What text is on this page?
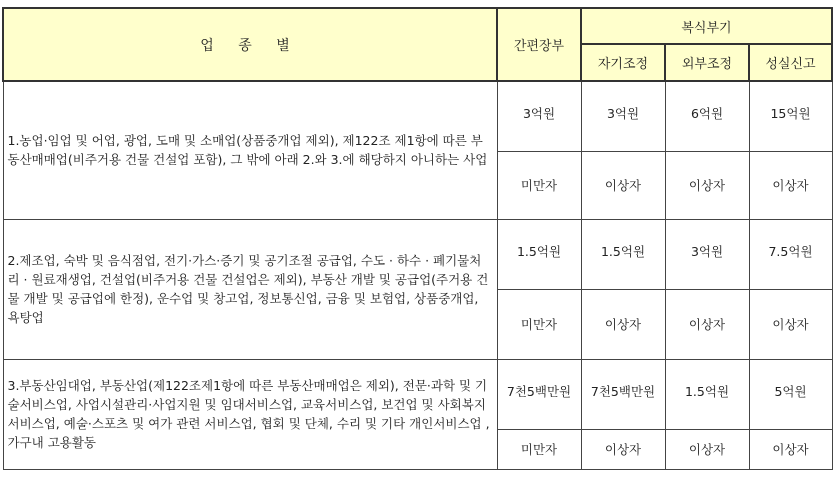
업 종 별	간편장부	복식부기		
		자기조정	외부조정	성실신고
1.농업·임업 및 어업, 광업, 도매 및 소매업(상품중개업 제외), 제122조 제1항에 따른 부동산매매업(비주거용 건물 건설업 포함), 그 밖에 아래 2.와 3.에 해당하지 아니하는 사업	3억원	3억원	6억원	15억원
	미만자	이상자	이상자	이상자
2.제조업, 숙박 및 음식점업, 전기·가스·증기 및 공기조절 공급업, 수도 · 하수 · 폐기물처리 · 원료재생업, 건설업(비주거용 건물 건설업은 제외), 부동산 개발 및 공급업(주거용 건물 개발 및 공급업에 한정), 운수업 및 창고업, 정보통신업, 금융 및 보험업, 상품중개업, 욕탕업	1.5억원	1.5억원	3억원	7.5억원
	미만자	이상자	이상자	이상자
3.부동산임대업, 부동산업(제122조제1항에 따른 부동산매매업은 제외), 전문·과학 및 기술서비스업, 사업시설관리·사업지원 및 임대서비스업, 교육서비스업, 보건업 및 사회복지서비스업, 예술·스포츠 및 여가 관련 서비스업, 협회 및 단체, 수리 및 기타 개인서비스업 , 가구내 고용활동	7천5백만원	7천5백만원	1.5억원	5억원
	미만자	이상자	이상자	이상자
